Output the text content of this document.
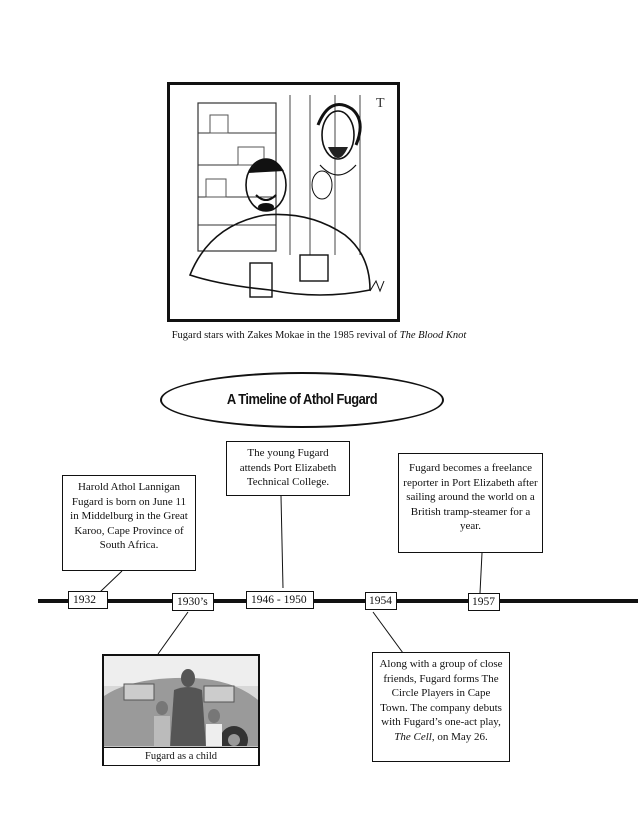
T
Fugard stars with Zakes Mokae in the 1985 revival of The Blood Knot
A Timeline of Athol Fugard
1932	1930’s	1946 - 1950	1954	1957
Harold Athol Lannigan Fugard is born on June 11 in Middelburg in the Great Karoo, Cape Province of South Africa.
The young Fugard attends Port Elizabeth Technical College.
Fugard becomes a freelance reporter in Port Elizabeth after sailing around the world on a British tramp-steamer for a year.
Along with a group of close friends, Fugard forms The Circle Players in Cape Town. The company debuts with Fugard’s one-act play, The Cell, on May 26.
Fugard as a child
